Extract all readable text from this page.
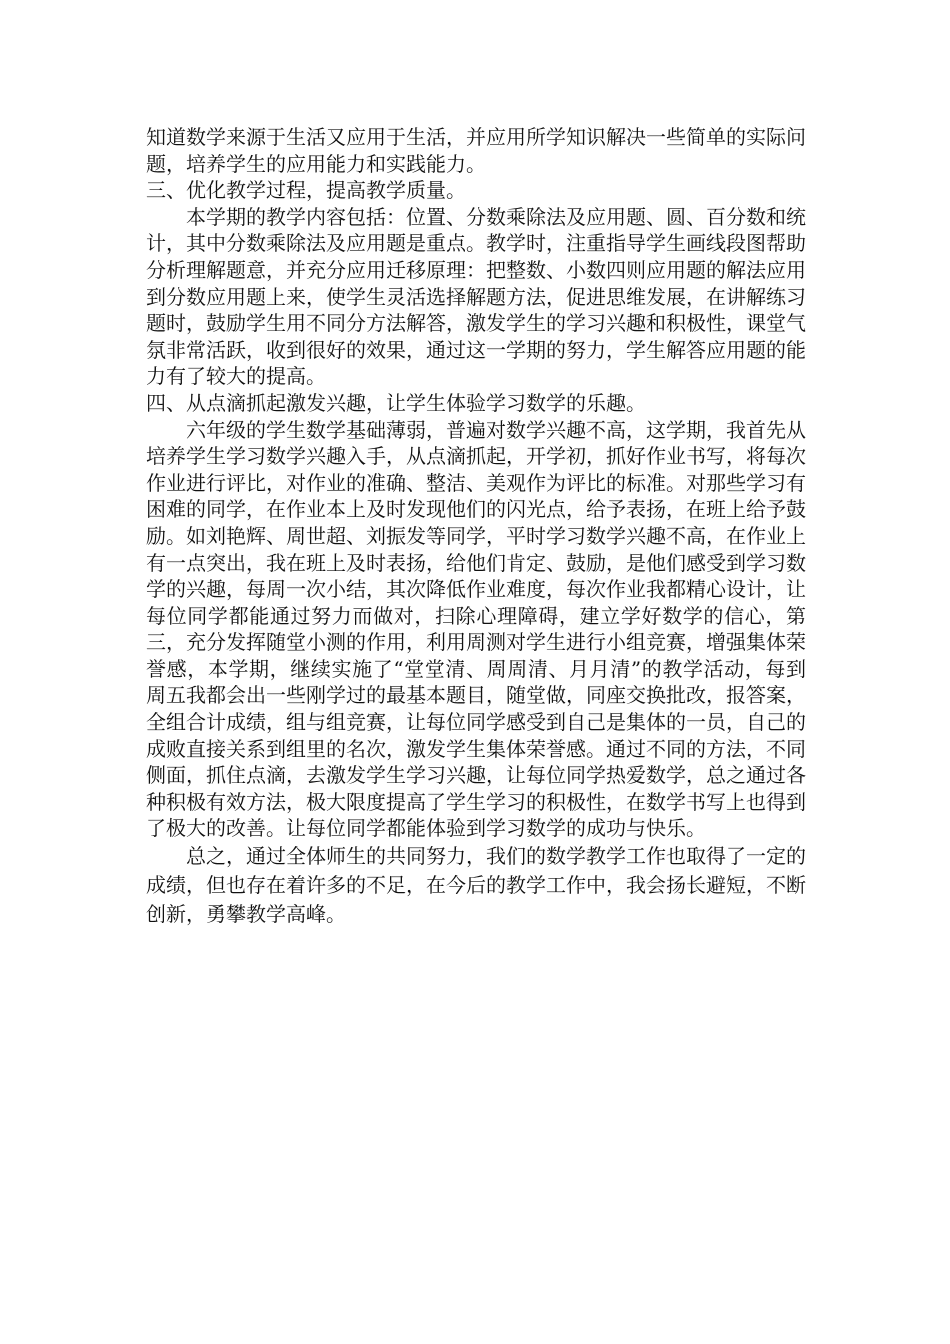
知道数学来源于生活又应用于生活，并应用所学知识解决一些简单的实际问题，培养学生的应用能力和实践能力。

三、优化教学过程，提高教学质量。

本学期的教学内容包括：位置、分数乘除法及应用题、圆、百分数和统计，其中分数乘除法及应用题是重点。教学时，注重指导学生画线段图帮助分析理解题意，并充分应用迁移原理：把整数、小数四则应用题的解法应用到分数应用题上来，使学生灵活选择解题方法，促进思维发展，在讲解练习题时，鼓励学生用不同分方法解答，激发学生的学习兴趣和积极性，课堂气氛非常活跃，收到很好的效果，通过这一学期的努力，学生解答应用题的能力有了较大的提高。

四、从点滴抓起激发兴趣，让学生体验学习数学的乐趣。

六年级的学生数学基础薄弱，普遍对数学兴趣不高，这学期，我首先从培养学生学习数学兴趣入手，从点滴抓起，开学初，抓好作业书写，将每次作业进行评比，对作业的准确、整洁、美观作为评比的标准。对那些学习有困难的同学，在作业本上及时发现他们的闪光点，给予表扬，在班上给予鼓励。如刘艳辉、周世超、刘振发等同学，平时学习数学兴趣不高，在作业上有一点突出，我在班上及时表扬，给他们肯定、鼓励，是他们感受到学习数学的兴趣，每周一次小结，其次降低作业难度，每次作业我都精心设计，让每位同学都能通过努力而做对，扫除心理障碍，建立学好数学的信心，第三，充分发挥随堂小测的作用，利用周测对学生进行小组竞赛，增强集体荣誉感，本学期，继续实施了“堂堂清、周周清、月月清”的教学活动，每到周五我都会出一些刚学过的最基本题目，随堂做，同座交换批改，报答案，全组合计成绩，组与组竞赛，让每位同学感受到自己是集体的一员，自己的成败直接关系到组里的名次，激发学生集体荣誉感。通过不同的方法，不同侧面，抓住点滴，去激发学生学习兴趣，让每位同学热爱数学，总之通过各种积极有效方法，极大限度提高了学生学习的积极性，在数学书写上也得到了极大的改善。让每位同学都能体验到学习数学的成功与快乐。

总之，通过全体师生的共同努力，我们的数学教学工作也取得了一定的成绩，但也存在着许多的不足，在今后的教学工作中，我会扬长避短，不断创新，勇攀教学高峰。
